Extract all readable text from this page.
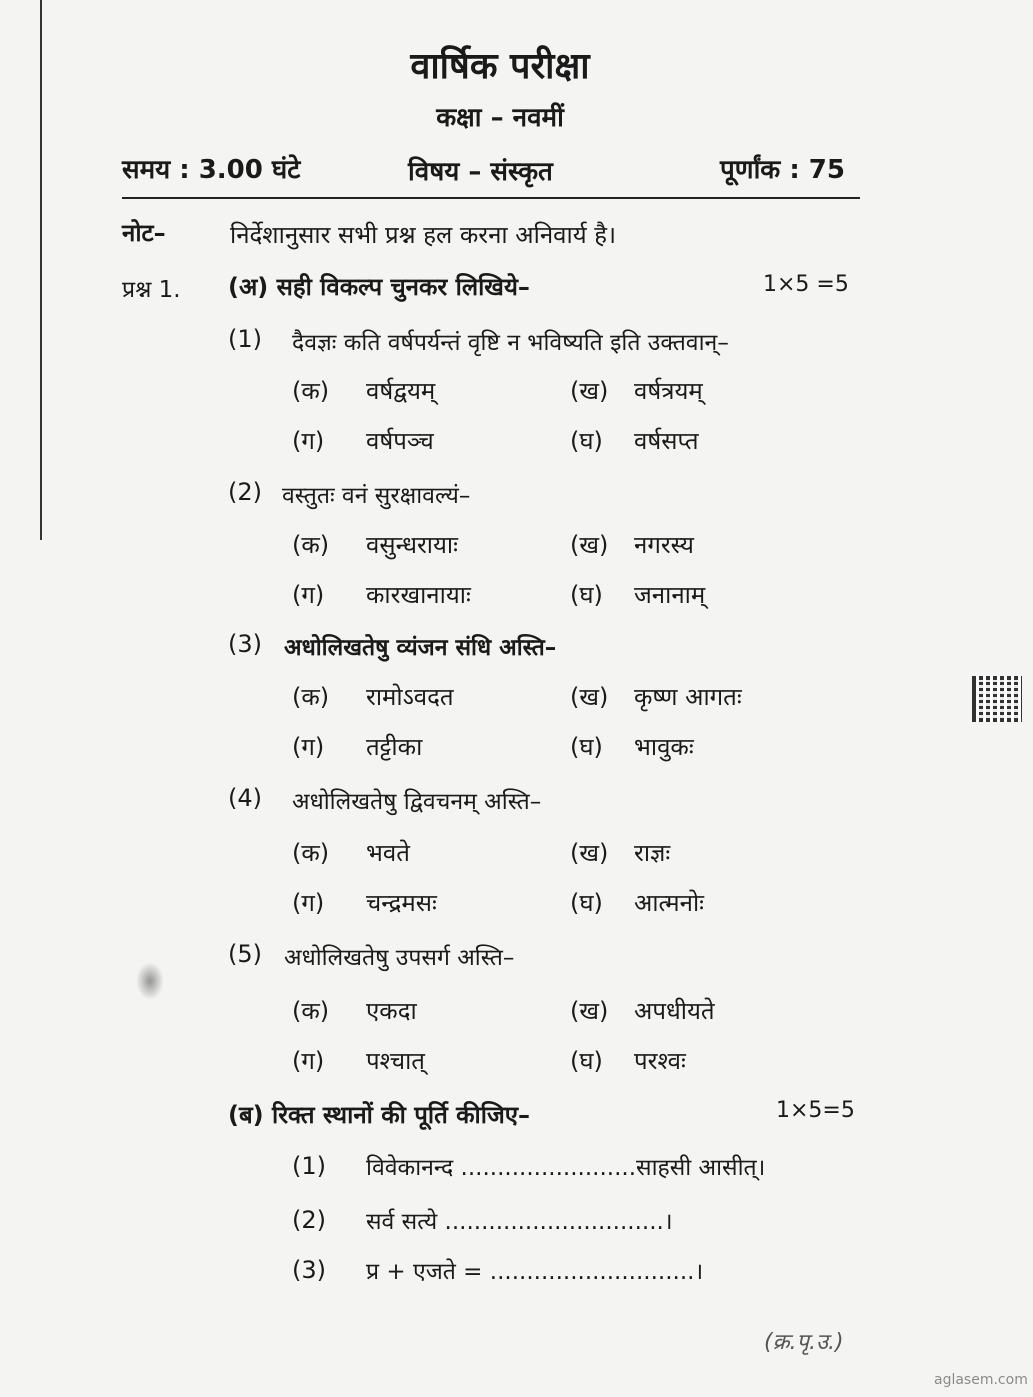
वार्षिक परीक्षा
कक्षा – नवमीं
समय : 3.00 घंटे	विषय – संस्कृत	पूर्णांक : 75
नोट–	निर्देशानुसार सभी प्रश्न हल करना अनिवार्य है।
प्रश्न 1. (अ) सही विकल्प चुनकर लिखिये–	1×5 =5
(1) दैवज्ञः कति वर्षपर्यन्तं वृष्टि न भविष्यति इति उक्तवान्–
(क) वर्षद्वयम्	(ख) वर्षत्रयम्
(ग) वर्षपञ्च	(घ) वर्षसप्त
(2) वस्तुतः वनं सुरक्षावल्यं–
(क) वसुन्धरायाः	(ख) नगरस्य
(ग) कारखानायाः	(घ) जनानाम्
(3) अधोलिखतेषु व्यंजन संधि अस्ति–
(क) रामोऽवदत	(ख) कृष्ण आगतः
(ग) तट्टीका	(घ) भावुकः
(4) अधोलिखतेषु द्विवचनम् अस्ति–
(क) भवते	(ख) राज्ञः
(ग) चन्द्रमसः	(घ) आत्मनोः
(5) अधोलिखतेषु उपसर्ग अस्ति–
(क) एकदा	(ख) अपधीयते
(ग) पश्चात्	(घ) परश्वः
(ब) रिक्त स्थानों की पूर्ति कीजिए–	1×5=5
(1) विवेकानन्द ........................साहसी आसीत्।
(2) सर्व सत्ये ..............................।
(3) प्र + एजते = ............................।
(क्र.पृ.उ.)
aglasem.com
